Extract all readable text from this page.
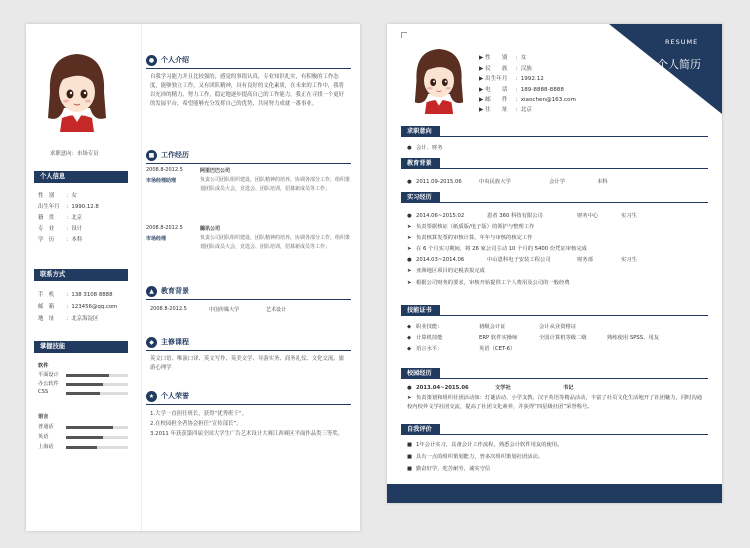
求职意向：市场专员
个人信息
性　别 ：女
出生年月 ：1990.12.8
籍　贯 ：北京
专　业 ：设计
学　历 ：本科
联系方式
手　机 ：138 3108 8888
邮　箱 ：123456@qq.com
地　址 ：北京海淀区
掌握技能
软件
平面设计
办公软件
CSS
语言
普通话
英语
上海话
● 个人介绍
自我学习能力并且比较强的，感觉的事很认真，专业知识扎实，有积极的工作态度，能够独立工作，又有团队精神，具有良好的文化素质，在未来的工作中，我将以充沛的精力，努力工作，稳定地逐步提高自己的工作能力。我正在寻找一个更好的发展平台，希望能够充分发挥自己的优势，共同努力成就一番事业。
■ 工作经历
2008.8-2012.5
市场经理助理
阿里巴巴公司
负责公司团队组织建设，团队精神的培养，协调各部分工作，组织策划团队成员大会，竞选会、团队培训，招募新成员等工作；
2008.8-2012.5
市场经理
腾讯公司
负责公司团队组织建设，团队精神的培养，协调各部分工作，组织策划团队成员大会，竞选会、团队培训，招募新成员等工作；
▲	教育背景
2008.8-2012.5	中国传媒大学	艺术设计
◆	主修课程
英文口语、唯演口译、英文写作、英美文学、导游实务、商务礼仪、文化交流、旅游心理学
★ 个人荣誉
1.大学一直担任班长，获得“优秀班干”。
2.在校园担全者协会担任“宣传部长”。
3.2011 年获获第四届全国大学生广告艺术设计大赛江西赛区平面作品类三等奖。
RESUME
个人简历
▶ 性　　别 ：女
▶ 民　　族 ：汉族
▶ 出生年月 ：1992.12
▶ 电　　话 ：189-8888-8888
▶ 邮　　件 ：xiaochen@163.com
▶ 住　　址 ：北京
求职意向
● 会计、财务
教育背景
● 2011.09-2015.06	中央民族大学	会计学	本科
实习经历
● 2014.06~2015.02	恩者 360 科技有限公司	财务中心	实习生
➤ 负责票据核证（纸质版/电子版）的领护与整理工作
➤ 负责核算发票的审核计算，年年与审核的核完工作
➤ 在 6 个月实习期间，将 26 家公司主动 10 个月的 5400 份凭证审核完成
● 2014.03~2014.06	中山恩科电子安装工程公司	财务部	实习生
➤ 亚洲地区项目的定税表报完成
➤ 根据公司财务的要求，审核开始提供工个人费用及公司的一般经费
技能证书
◆ 职业技能：	初级会计证	会计从业资格证
◆ 计算机技能	ERP 软件实操师	全国计算机等级二级	熟练使用 SPSS、用友
◆ 语言水平：	英语（CET-6）
校园经历
● 2013.04~2015.06	文学社	书记
➤ 负责策划和组织社团活动如：灯谜活动、小学支教、汉字英语等精品活动，丰富了社员文化生活地开了社团魅力，同时沟通校内校外文学社团交流，提高了社团文化素养，并获得“四星级社团”荣誉称号。
自我评价
■ 1年会计实习，具备会计工作流程，熟悉会计软件用友的使用。
■ 具有一点的组织策划能力，曾多次组织策划社团活动。
■ 勤奋好学，吃苦耐劳，诚实守信
